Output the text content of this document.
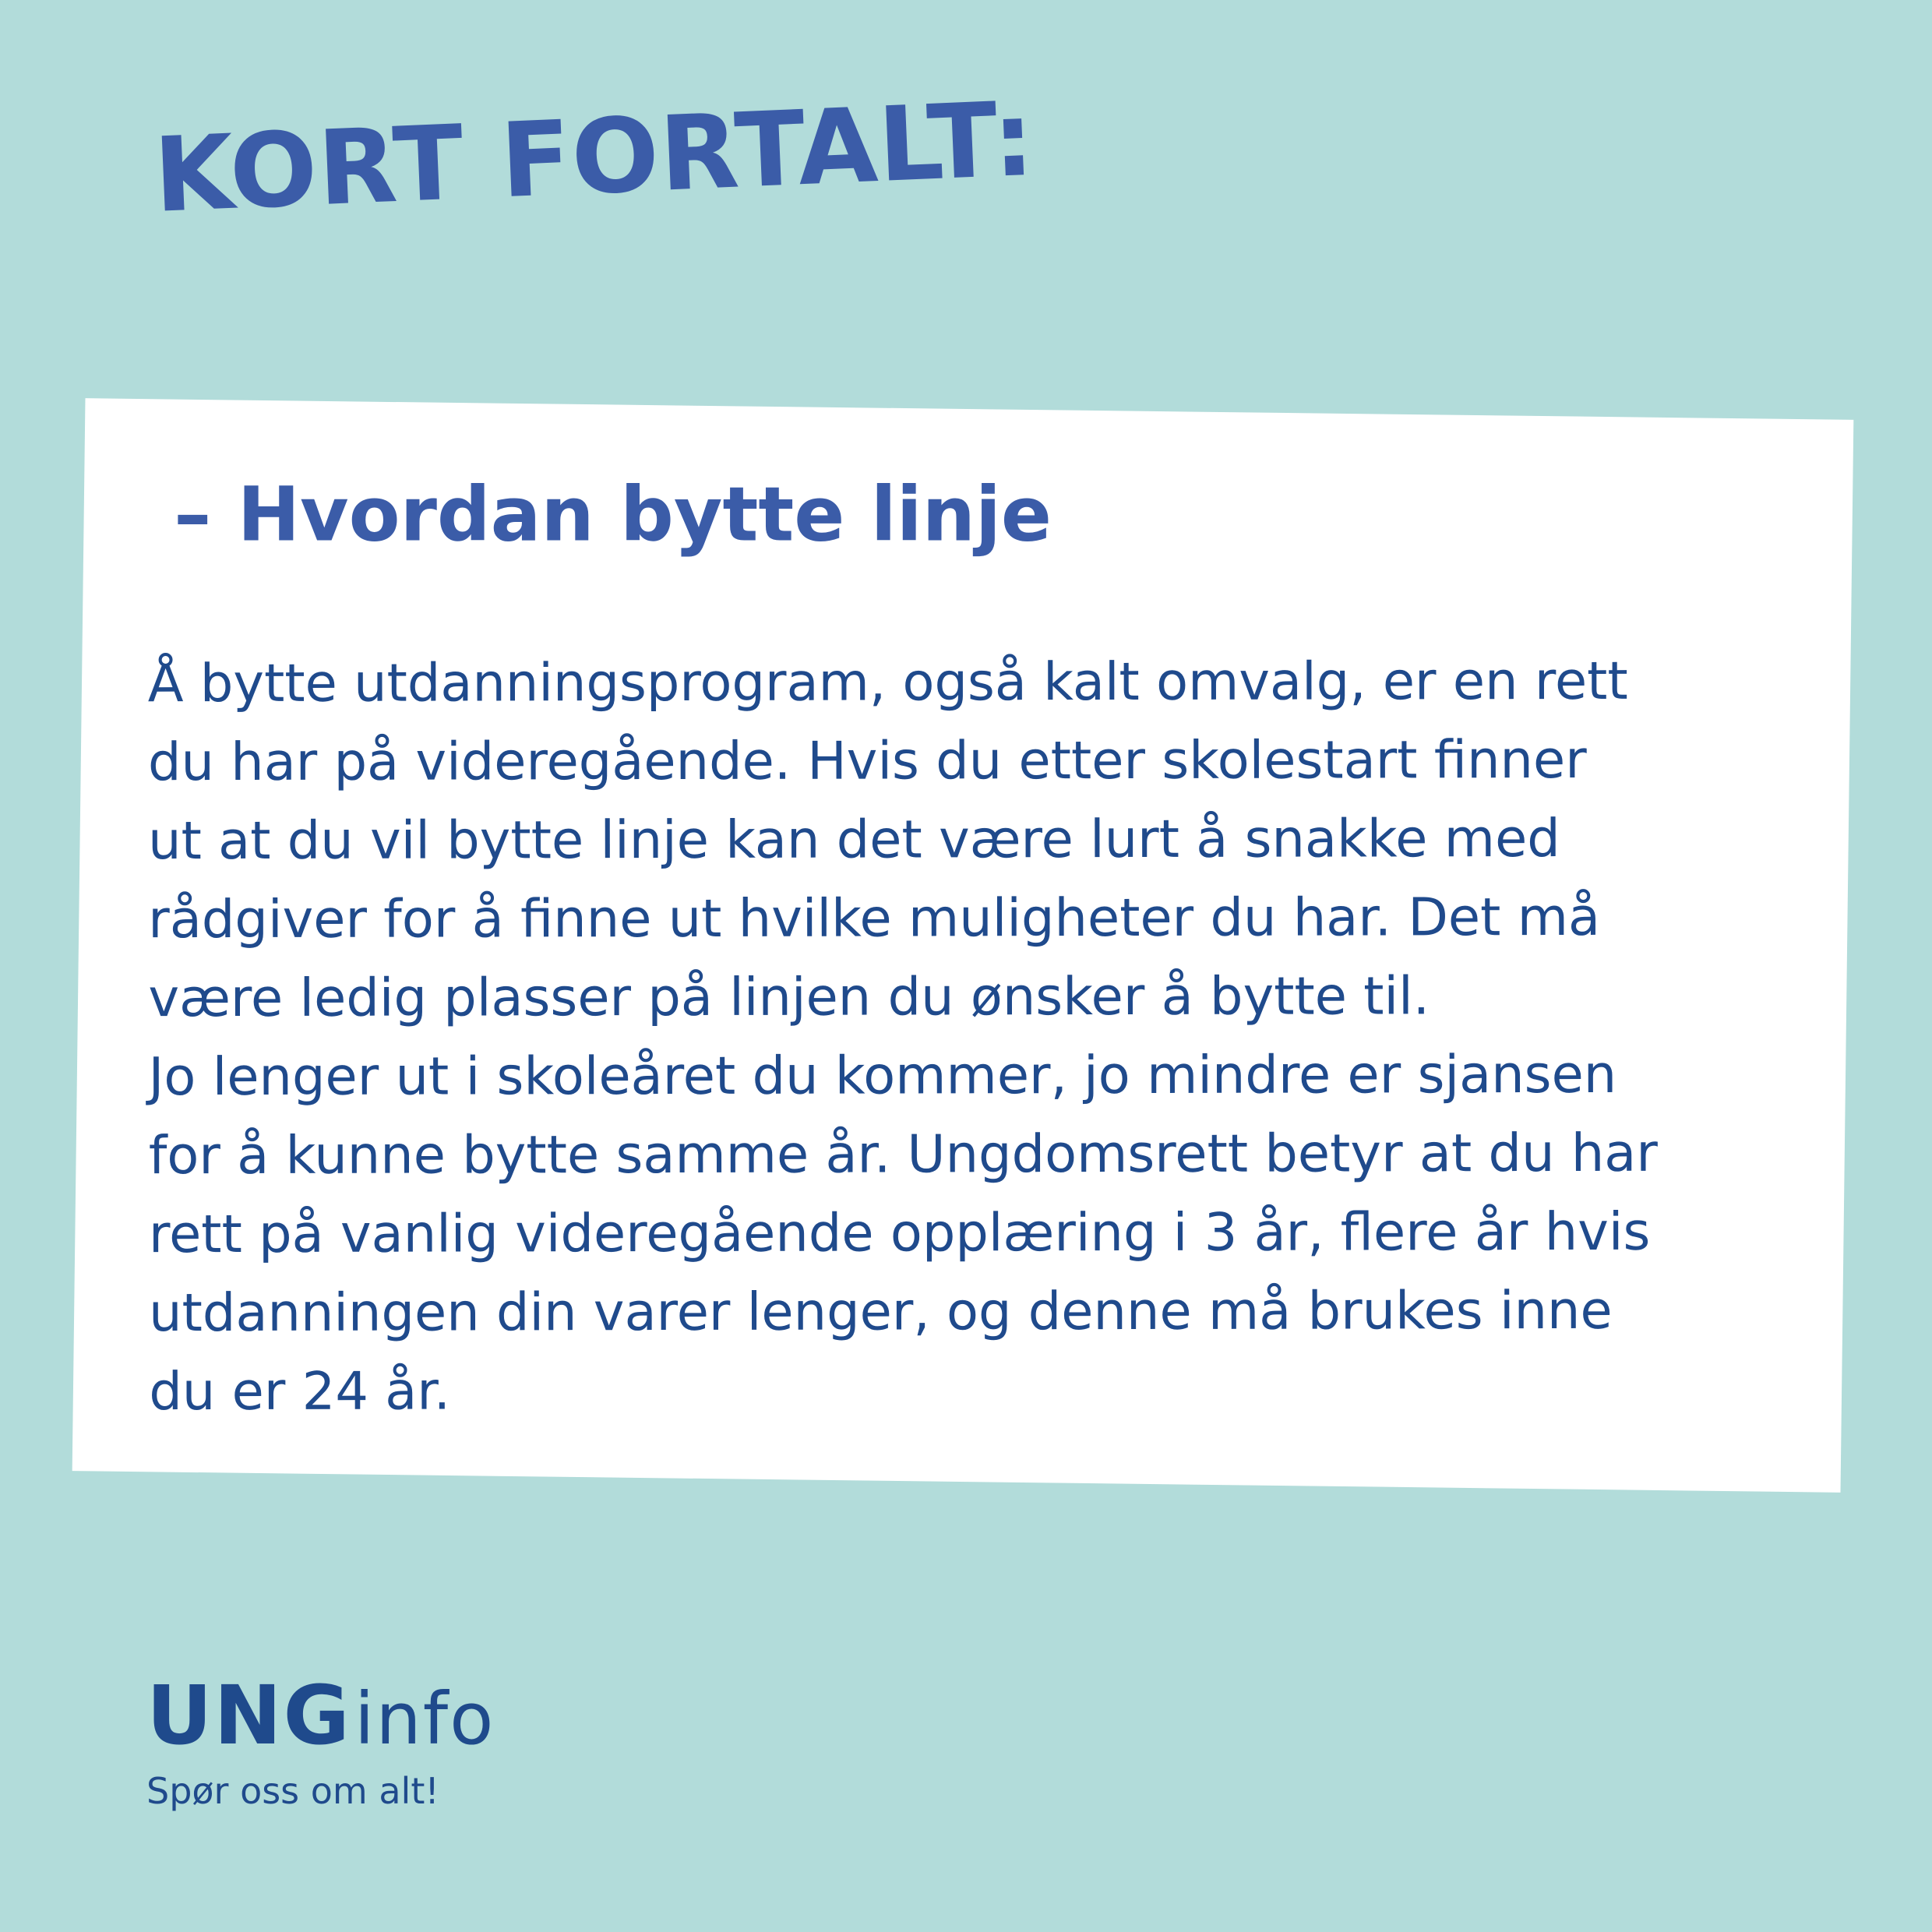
KORT FORTALT:
– Hvordan bytte linje

Å bytte utdanningsprogram, også kalt omvalg, er en rett
du har på videregående. Hvis du etter skolestart finner
ut at du vil bytte linje kan det være lurt å snakke med
rådgiver for å finne ut hvilke muligheter du har. Det må
være ledig plasser på linjen du ønsker å bytte til.
Jo lenger ut i skoleåret du kommer, jo mindre er sjansen
for å kunne bytte samme år. Ungdomsrett betyr at du har
rett på vanlig videregående opplæring i 3 år, flere år hvis
utdanningen din varer lenger, og denne må brukes inne
du er 24 år.

UNGinfo
Spør oss om alt!
